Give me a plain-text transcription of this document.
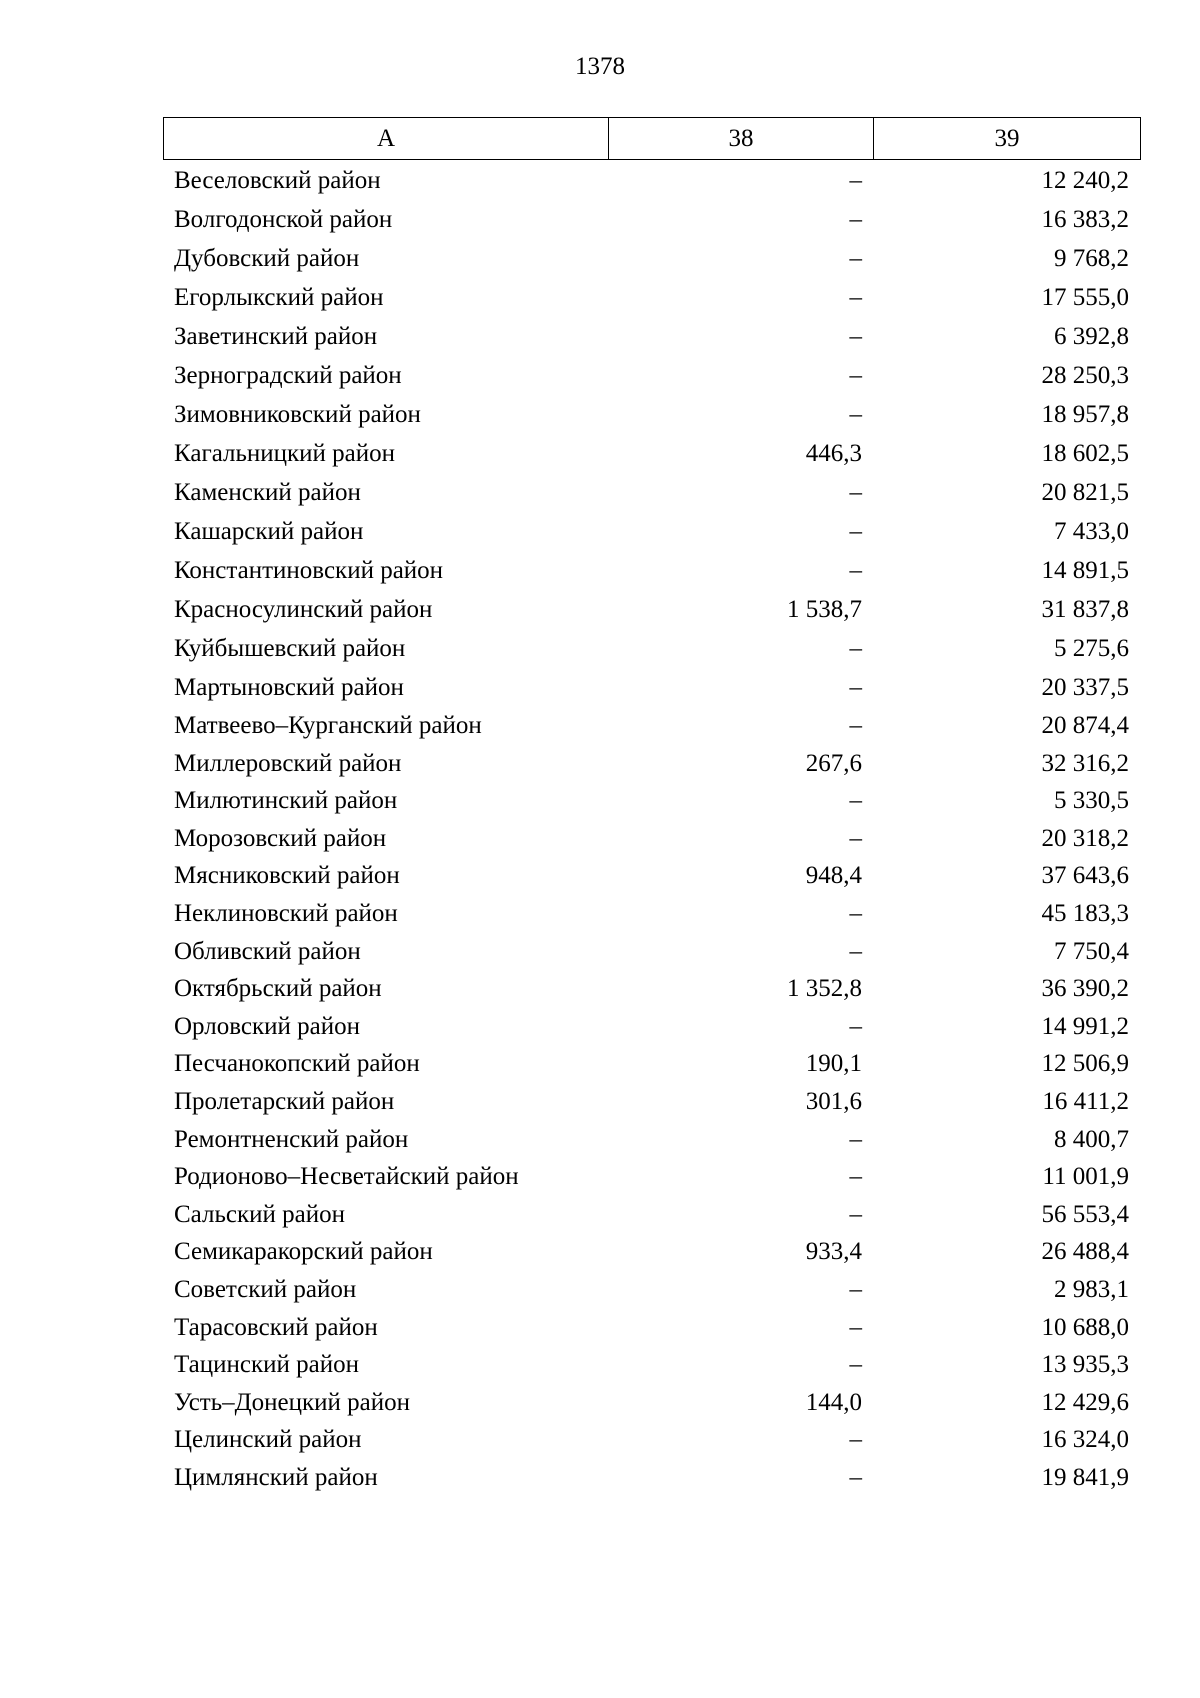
1378
А	38	39
Веселовский район	–	12 240,2
Волгодонской район	–	16 383,2
Дубовский район	–	9 768,2
Егорлыкский район	–	17 555,0
Заветинский район	–	6 392,8
Зерноградский район	–	28 250,3
Зимовниковский район	–	18 957,8
Кагальницкий район	446,3	18 602,5
Каменский район	–	20 821,5
Кашарский район	–	7 433,0
Константиновский район	–	14 891,5
Красносулинский район	1 538,7	31 837,8
Куйбышевский район	–	5 275,6
Мартыновский район	–	20 337,5
Матвеево–Курганский район	–	20 874,4
Миллеровский район	267,6	32 316,2
Милютинский район	–	5 330,5
Морозовский район	–	20 318,2
Мясниковский район	948,4	37 643,6
Неклиновский район	–	45 183,3
Обливский район	–	7 750,4
Октябрьский район	1 352,8	36 390,2
Орловский район	–	14 991,2
Песчанокопский район	190,1	12 506,9
Пролетарский район	301,6	16 411,2
Ремонтненский район	–	8 400,7
Родионово–Несветайский район	–	11 001,9
Сальский район	–	56 553,4
Семикаракорский район	933,4	26 488,4
Советский район	–	2 983,1
Тарасовский район	–	10 688,0
Тацинский район	–	13 935,3
Усть–Донецкий район	144,0	12 429,6
Целинский район	–	16 324,0
Цимлянский район	–	19 841,9
